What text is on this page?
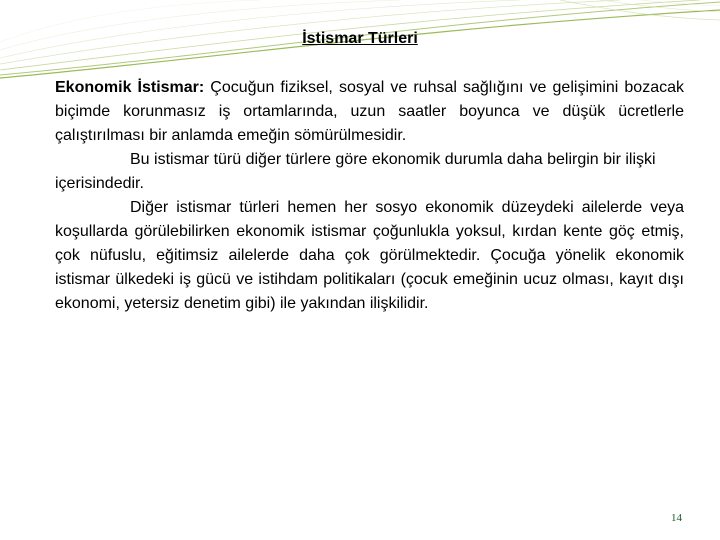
İstismar Türleri

Ekonomik İstismar: Çocuğun fiziksel, sosyal ve ruhsal sağlığını ve gelişimini bozacak biçimde korunmasız iş ortamlarında, uzun saatler boyunca ve düşük ücretlerle çalıştırılması bir anlamda emeğin sömürülmesidir.

Bu istismar türü diğer türlere göre ekonomik durumla daha belirgin bir ilişki içerisindedir.

Diğer istismar türleri hemen her sosyo ekonomik düzeydeki ailelerde veya koşullarda görülebilirken ekonomik istismar çoğunlukla yoksul, kırdan kente göç etmiş, çok nüfuslu, eğitimsiz ailelerde daha çok görülmektedir. Çocuğa yönelik ekonomik istismar ülkedeki iş gücü ve istihdam politikaları (çocuk emeğinin ucuz olması, kayıt dışı ekonomi, yetersiz denetim gibi) ile yakından ilişkilidir.

14
